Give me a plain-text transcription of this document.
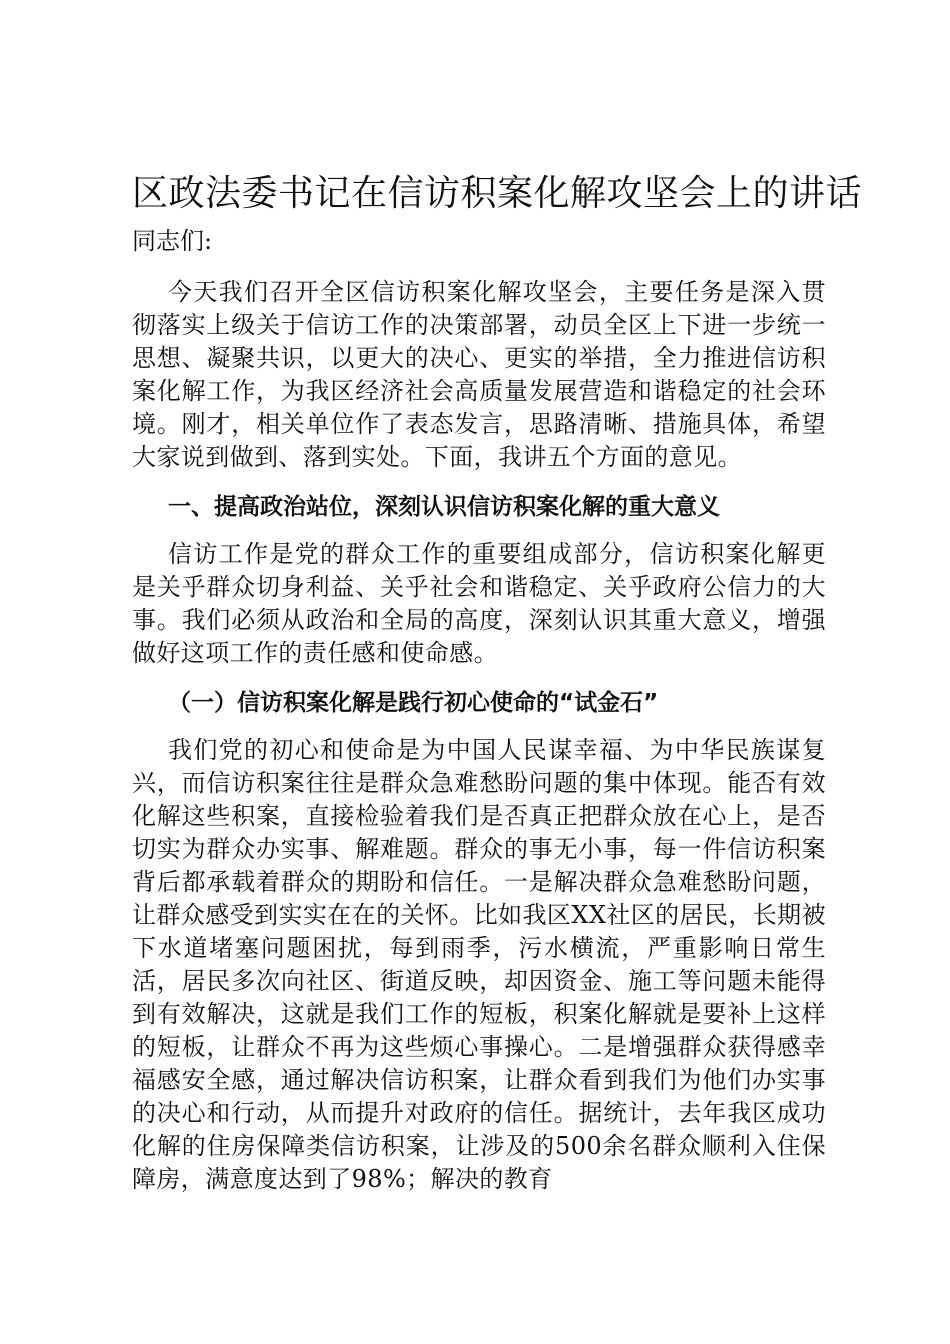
区政法委书记在信访积案化解攻坚会上的讲话

同志们:

今天我们召开全区信访积案化解攻坚会，主要任务是深入贯彻落实上级关于信访工作的决策部署，动员全区上下进一步统一思想、凝聚共识，以更大的决心、更实的举措，全力推进信访积案化解工作，为我区经济社会高质量发展营造和谐稳定的社会环境。刚才，相关单位作了表态发言，思路清晰、措施具体，希望大家说到做到、落到实处。下面，我讲五个方面的意见。

一、提高政治站位，深刻认识信访积案化解的重大意义

信访工作是党的群众工作的重要组成部分，信访积案化解更是关乎群众切身利益、关乎社会和谐稳定、关乎政府公信力的大事。我们必须从政治和全局的高度，深刻认识其重大意义，增强做好这项工作的责任感和使命感。

（一）信访积案化解是践行初心使命的“试金石”

我们党的初心和使命是为中国人民谋幸福、为中华民族谋复兴，而信访积案往往是群众急难愁盼问题的集中体现。能否有效化解这些积案，直接检验着我们是否真正把群众放在心上，是否切实为群众办实事、解难题。群众的事无小事，每一件信访积案背后都承载着群众的期盼和信任。一是解决群众急难愁盼问题，让群众感受到实实在在的关怀。比如我区XX社区的居民，长期被下水道堵塞问题困扰，每到雨季，污水横流，严重影响日常生活，居民多次向社区、街道反映，却因资金、施工等问题未能得到有效解决，这就是我们工作的短板，积案化解就是要补上这样的短板，让群众不再为这些烦心事操心。二是增强群众获得感幸福感安全感，通过解决信访积案，让群众看到我们为他们办实事的决心和行动，从而提升对政府的信任。据统计，去年我区成功化解的住房保障类信访积案，让涉及的500余名群众顺利入住保障房，满意度达到了98%；解决的教育
